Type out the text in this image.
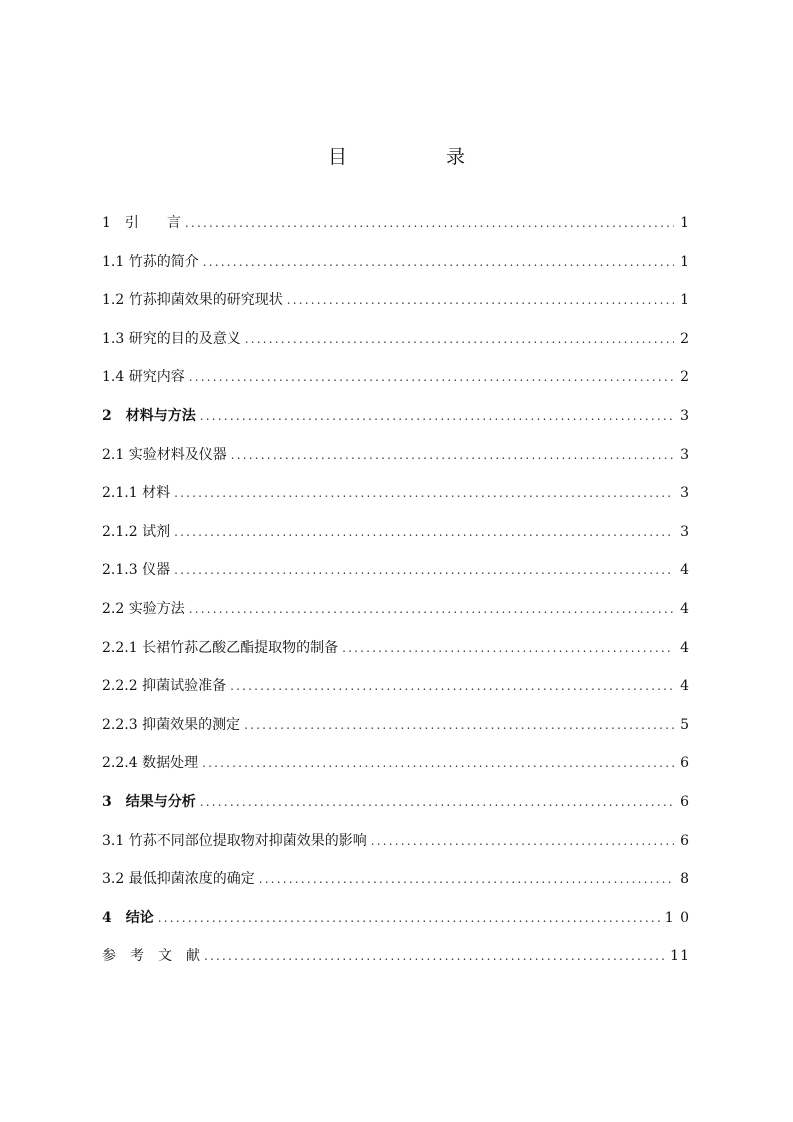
目　录
1　引　　言 .....	1
1.1 竹荪的简介 .....	1
1.2 竹荪抑菌效果的研究现状 .....	1
1.3 研究的目的及意义 .....	2
1.4 研究内容 .....	2
2　材料与方法 .....	3
2.1 实验材料及仪器 .....	3
2.1.1 材料 .....	3
2.1.2 试剂 .....	3
2.1.3 仪器 .....	4
2.2 实验方法 .....	4
2.2.1 长裙竹荪乙酸乙酯提取物的制备 .....	4
2.2.2 抑菌试验准备 .....	4
2.2.3 抑菌效果的测定 .....	5
2.2.4 数据处理 .....	6
3　结果与分析 .....	6
3.1 竹荪不同部位提取物对抑菌效果的影响 .....	6
3.2 最低抑菌浓度的确定 .....	8
4　结论 .....	1 0
参　考　文　献 .....	11
